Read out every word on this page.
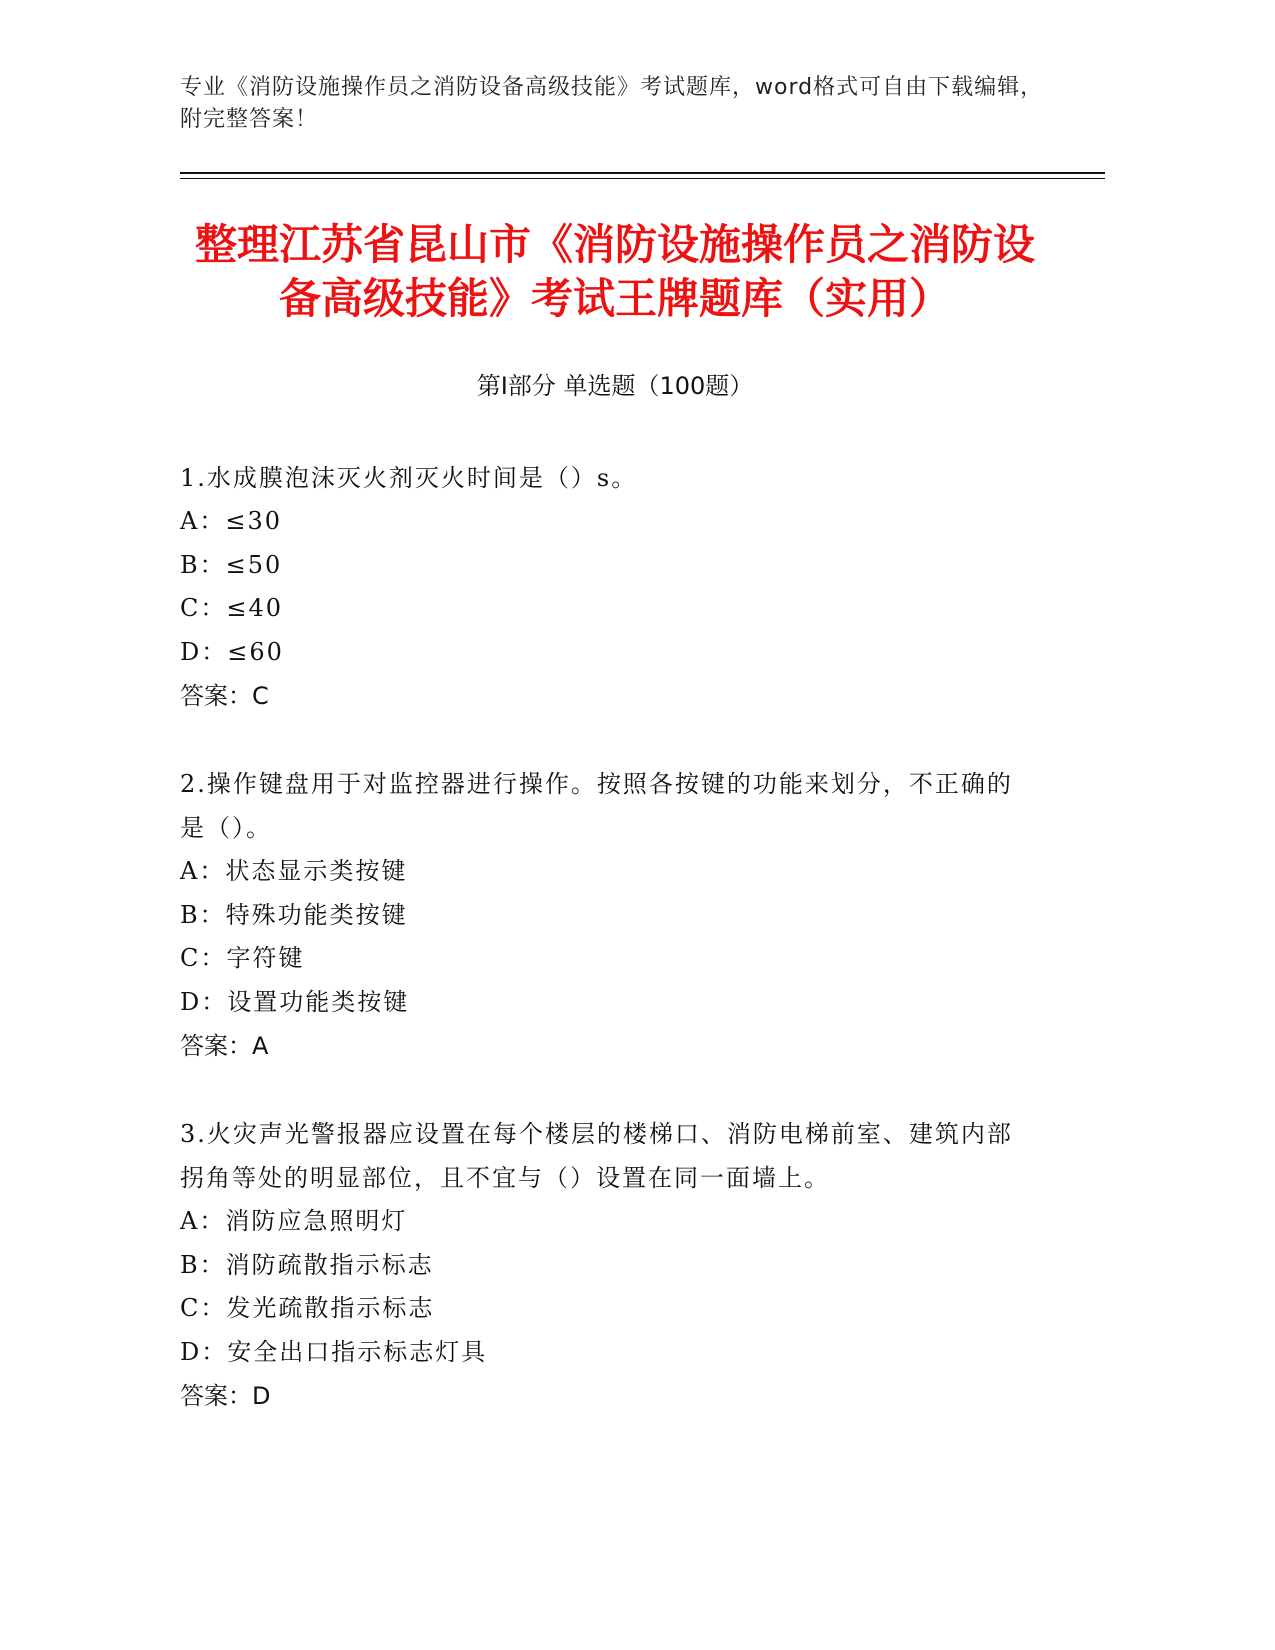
专业《消防设施操作员之消防设备高级技能》考试题库，word格式可自由下载编辑，附完整答案！
整理江苏省昆山市《消防设施操作员之消防设备高级技能》考试王牌题库（实用）
第Ⅰ部分 单选题（100题）
1.水成膜泡沫灭火剂灭火时间是（）s。
A：≤30
B：≤50
C：≤40
D：≤60
答案：C
2.操作键盘用于对监控器进行操作。按照各按键的功能来划分，不正确的是（）。
A：状态显示类按键
B：特殊功能类按键
C：字符键
D：设置功能类按键
答案：A
3.火灾声光警报器应设置在每个楼层的楼梯口、消防电梯前室、建筑内部拐角等处的明显部位，且不宜与（）设置在同一面墙上。
A：消防应急照明灯
B：消防疏散指示标志
C：发光疏散指示标志
D：安全出口指示标志灯具
答案：D
